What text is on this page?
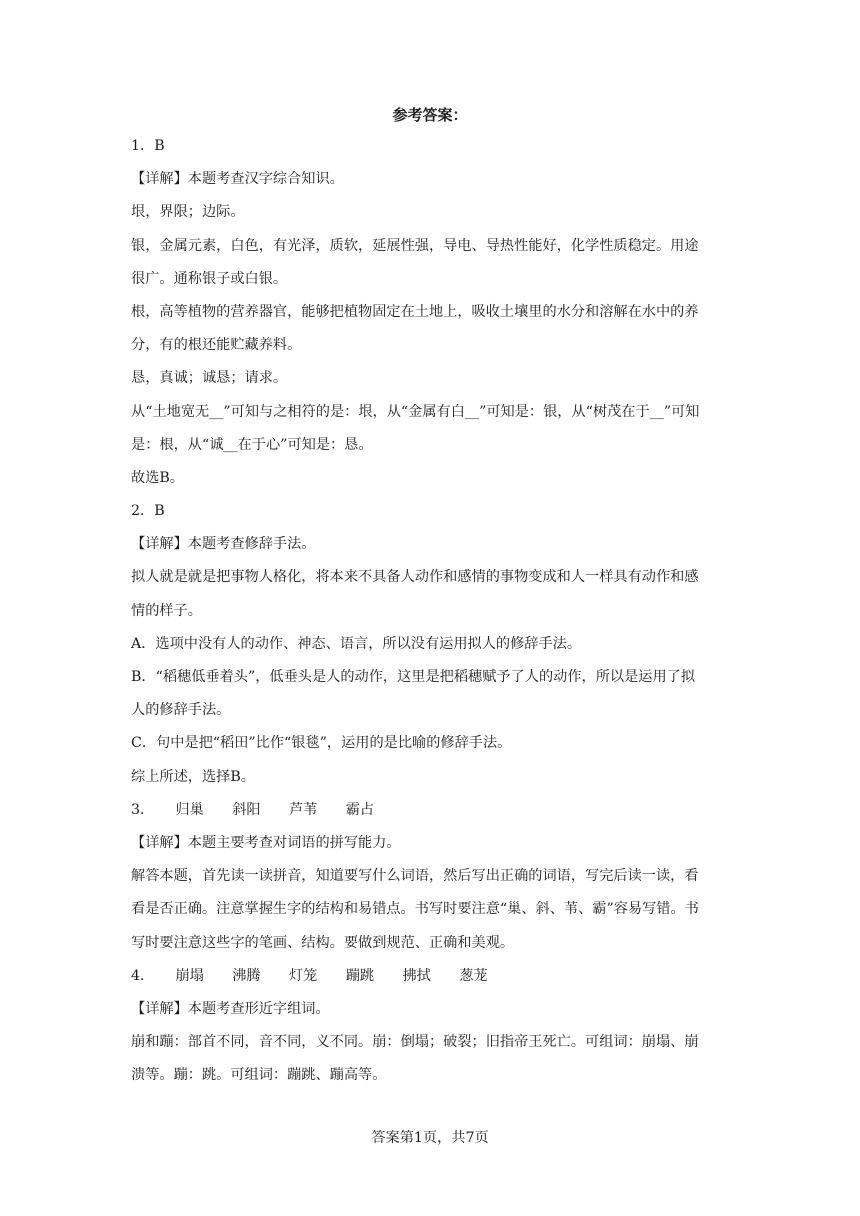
参考答案：
1．B
【详解】本题考查汉字综合知识。
垠，界限；边际。
银，金属元素，白色，有光泽，质软，延展性强，导电、导热性能好，化学性质稳定。用途
很广。通称银子或白银。
根，高等植物的营养器官，能够把植物固定在土地上，吸收土壤里的水分和溶解在水中的养
分，有的根还能贮藏养料。
恳，真诚；诚恳；请求。
从“土地宽无__”可知与之相符的是：垠，从“金属有白__”可知是：银，从“树茂在于__”可知
是：根，从“诚__在于心”可知是：恳。
故选B。
2．B
【详解】本题考查修辞手法。
拟人就是就是把事物人格化，将本来不具备人动作和感情的事物变成和人一样具有动作和感
情的样子。
A．选项中没有人的动作、神态、语言，所以没有运用拟人的修辞手法。
B．“稻穗低垂着头”，低垂头是人的动作，这里是把稻穗赋予了人的动作，所以是运用了拟
人的修辞手法。
C．句中是把“稻田”比作“银毯”，运用的是比喻的修辞手法。
综上所述，选择B。
3．　　归巢　　斜阳　　芦苇　　霸占
【详解】本题主要考查对词语的拼写能力。
解答本题，首先读一读拼音，知道要写什么词语，然后写出正确的词语，写完后读一读，看
看是否正确。注意掌握生字的结构和易错点。书写时要注意“巢、斜、苇、霸”容易写错。书
写时要注意这些字的笔画、结构。要做到规范、正确和美观。
4．　　崩塌　　沸腾　　灯笼　　蹦跳　　拂拭　　葱茏
【详解】本题考查形近字组词。
崩和蹦：部首不同，音不同，义不同。崩：倒塌；破裂；旧指帝王死亡。可组词：崩塌、崩
溃等。蹦：跳。可组词：蹦跳、蹦高等。
答案第1页，共7页
